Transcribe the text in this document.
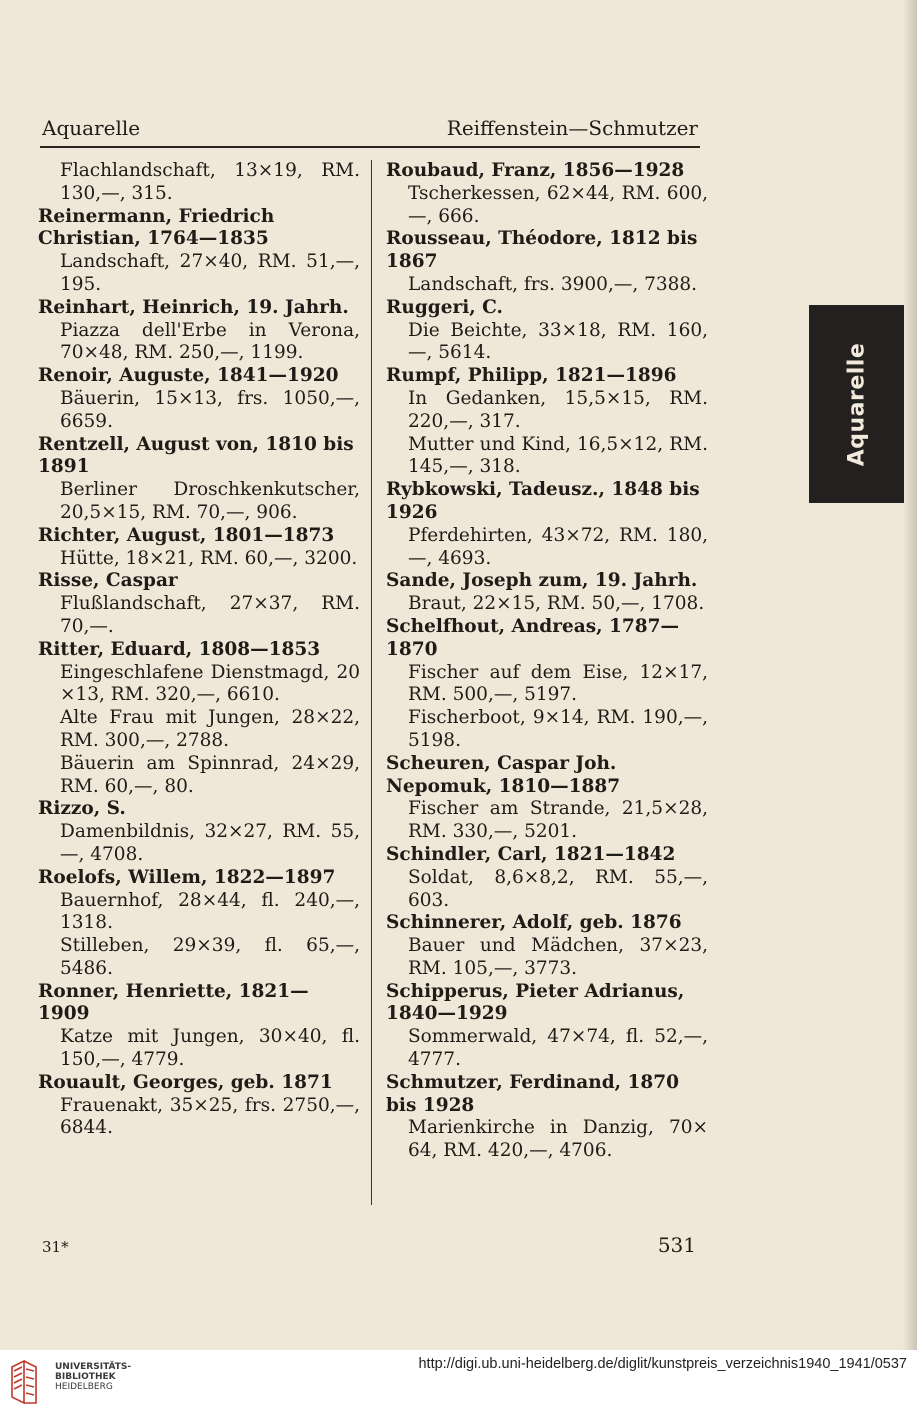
Aquarelle	Reiffenstein—Schmutzer
Flachlandschaft, 13×19, RM. 130,—, 315.
Reinermann, Friedrich Christian, 1764—1835
Landschaft, 27×40, RM. 51,—, 195.
Reinhart, Heinrich, 19. Jahrh.
Piazza dell'Erbe in Verona, 70×48, RM. 250,—, 1199.
Renoir, Auguste, 1841—1920
Bäuerin, 15×13, frs. 1050,—, 6659.
Rentzell, August von, 1810 bis 1891
Berliner Droschkenkutscher, 20,5×15, RM. 70,—, 906.
Richter, August, 1801—1873
Hütte, 18×21, RM. 60,—, 3200.
Risse, Caspar
Flußlandschaft, 27×37, RM. 70,—.
Ritter, Eduard, 1808—1853
Eingeschlafene Dienstmagd, 20 ×13, RM. 320,—, 6610.
Alte Frau mit Jungen, 28×22, RM. 300,—, 2788.
Bäuerin am Spinnrad, 24×29, RM. 60,—, 80.
Rizzo, S.
Damenbildnis, 32×27, RM. 55,—, 4708.
Roelofs, Willem, 1822—1897
Bauernhof, 28×44, fl. 240,—, 1318.
Stilleben, 29×39, fl. 65,—, 5486.
Ronner, Henriette, 1821—1909
Katze mit Jungen, 30×40, fl. 150,—, 4779.
Rouault, Georges, geb. 1871
Frauenakt, 35×25, frs. 2750,—, 6844.
Roubaud, Franz, 1856—1928
Tscherkessen, 62×44, RM. 600,—, 666.
Rousseau, Théodore, 1812 bis 1867
Landschaft, frs. 3900,—, 7388.
Ruggeri, C.
Die Beichte, 33×18, RM. 160,—, 5614.
Rumpf, Philipp, 1821—1896
In Gedanken, 15,5×15, RM. 220,—, 317.
Mutter und Kind, 16,5×12, RM. 145,—, 318.
Rybkowski, Tadeusz., 1848 bis 1926
Pferdehirten, 43×72, RM. 180,—, 4693.
Sande, Joseph zum, 19. Jahrh.
Braut, 22×15, RM. 50,—, 1708.
Schelfhout, Andreas, 1787—1870
Fischer auf dem Eise, 12×17, RM. 500,—, 5197.
Fischerboot, 9×14, RM. 190,—, 5198.
Scheuren, Caspar Joh. Nepomuk, 1810—1887
Fischer am Strande, 21,5×28, RM. 330,—, 5201.
Schindler, Carl, 1821—1842
Soldat, 8,6×8,2, RM. 55,—, 603.
Schinnerer, Adolf, geb. 1876
Bauer und Mädchen, 37×23, RM. 105,—, 3773.
Schipperus, Pieter Adrianus, 1840—1929
Sommerwald, 47×74, fl. 52,—, 4777.
Schmutzer, Ferdinand, 1870 bis 1928
Marienkirche in Danzig, 70× 64, RM. 420,—, 4706.
Aquarelle
31*	531
UNIVERSITÄTS-
BIBLIOTHEK
HEIDELBERG
http://digi.ub.uni-heidelberg.de/diglit/kunstpreis_verzeichnis1940_1941/0537
